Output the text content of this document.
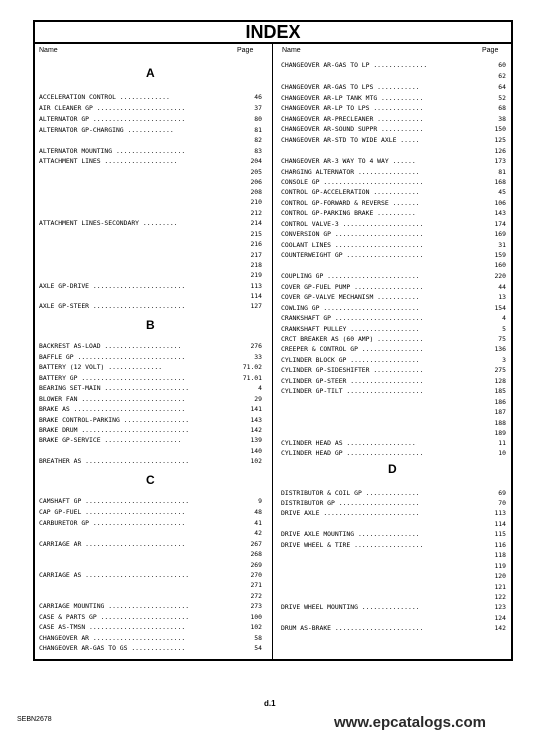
INDEX
Name	Page	Name	Page
A
B
C
ACCELERATION CONTROL .............	46
AIR CLEANER GP .......................	37
ALTERNATOR GP ........................	80
ALTERNATOR GP-CHARGING ............	81
82
ALTERNATOR MOUNTING ..................	83
ATTACHMENT LINES ...................	204
205
206
208
210
212
ATTACHMENT LINES-SECONDARY .........	214
215
216
217
218
219
AXLE GP-DRIVE ........................	113
114
AXLE GP-STEER ........................	127
BACKREST AS-LOAD ....................	276
BAFFLE GP ............................	33
BATTERY (12 VOLT) ..............	71.02
BATTERY GP ...........................	71.01
BEARING SET-MAIN ......................	4
BLOWER FAN ...........................	29
BRAKE AS .............................	141
BRAKE CONTROL-PARKING .................	143
BRAKE DRUM ............................	142
BRAKE GP-SERVICE ....................	139
140
BREATHER AS ...........................	102
CAMSHAFT GP ...........................	9
CAP GP-FUEL ..........................	48
CARBURETOR GP ........................	41
42
CARRIAGE AR ..........................	267
268
269
CARRIAGE AS ...........................	270
271
272
CARRIAGE MOUNTING .....................	273
CASE & PARTS GP .......................	100
CASE AS-TMSN .........................	102
CHANGEOVER AR ........................	58
CHANGEOVER AR-GAS TO GS ..............	54
D
CHANGEOVER AR-GAS TO LP ..............	60
62
CHANGEOVER AR-GAS TO LPS ...........	64
CHANGEOVER AR-LP TANK MTG ...........	52
CHANGEOVER AR-LP TO LPS .............	68
CHANGEOVER AR-PRECLEANER ............	38
CHANGEOVER AR-SOUND SUPPR ...........	150
CHANGEOVER AR-STD TO WIDE AXLE .....	125
126
CHANGEOVER AR-3 WAY TO 4 WAY ......	173
CHARGING ALTERNATOR ................	81
CONSOLE GP ..........................	168
CONTROL GP-ACCELERATION ............	45
CONTROL GP-FORWARD & REVERSE .......	106
CONTROL GP-PARKING BRAKE ..........	143
CONTROL VALVE-3 .....................	174
CONVERSION GP .......................	169
COOLANT LINES .......................	31
COUNTERWEIGHT GP ....................	159
160
COUPLING GP ........................	220
COVER GP-FUEL PUMP ..................	44
COVER GP-VALVE MECHANISM ...........	13
COWLING GP .........................	154
CRANKSHAFT GP .......................	4
CRANKSHAFT PULLEY ..................	5
CRCT BREAKER AS (60 AMP) ............	75
CREEPER & CONTROL GP ................	136
CYLINDER BLOCK GP ..................	3
CYLINDER GP-SIDESHIFTER .............	275
CYLINDER GP-STEER ...................	128
CYLINDER GP-TILT ....................	185
186
187
188
189
CYLINDER HEAD AS ..................	11
CYLINDER HEAD GP ....................	10
DISTRIBUTOR & COIL GP ..............	69
DISTRIBUTOR GP .....................	70
DRIVE AXLE .........................	113
114
DRIVE AXLE MOUNTING ................	115
DRIVE WHEEL & TIRE ..................	116
118
119
120
121
122
DRIVE WHEEL MOUNTING ...............	123
124
DRUM AS-BRAKE .......................	142
d.1
SEBN2678	www.epcatalogs.com
